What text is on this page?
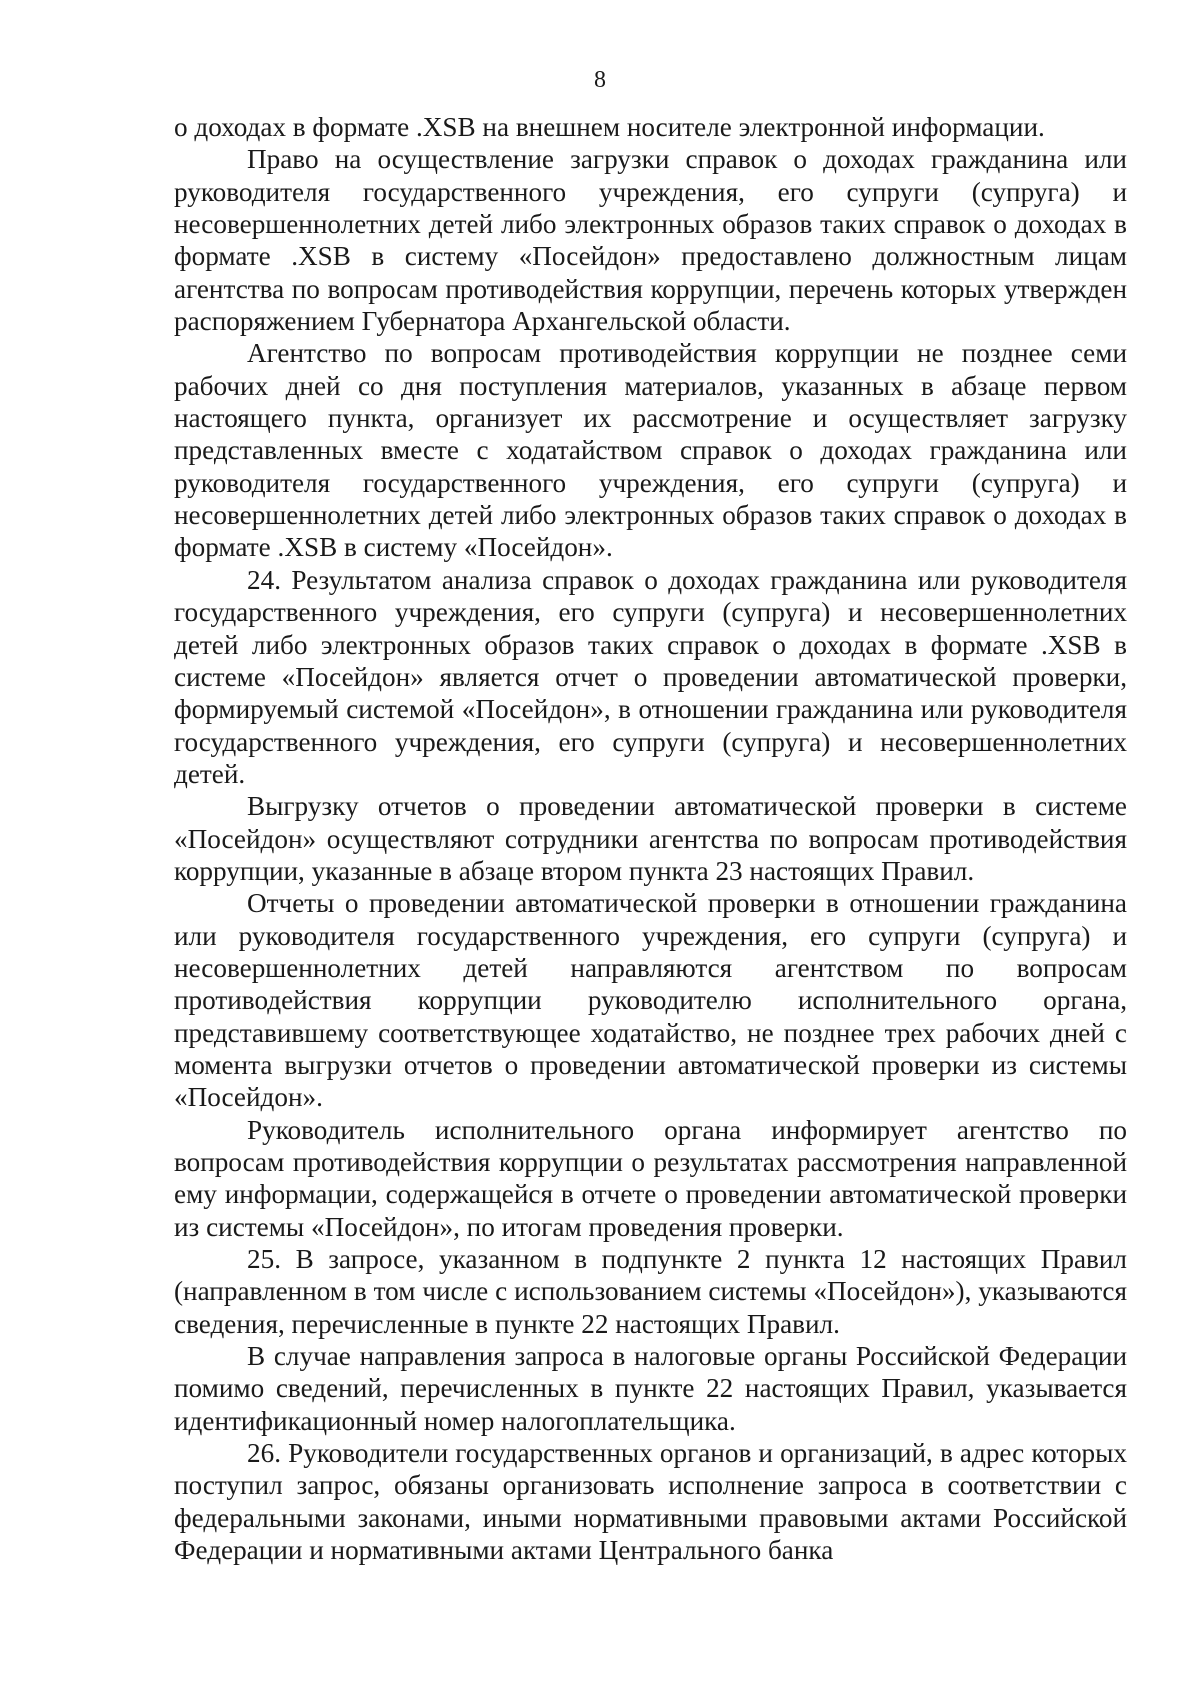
8

о доходах в формате .XSB на внешнем носителе электронной информации.

Право на осуществление загрузки справок о доходах гражданина или руководителя государственного учреждения, его супруги (супруга) и несовершеннолетних детей либо электронных образов таких справок о доходах в формате .XSB в систему «Посейдон» предоставлено должностным лицам агентства по вопросам противодействия коррупции, перечень которых утвержден распоряжением Губернатора Архангельской области.

Агентство по вопросам противодействия коррупции не позднее семи рабочих дней со дня поступления материалов, указанных в абзаце первом настоящего пункта, организует их рассмотрение и осуществляет загрузку представленных вместе с ходатайством справок о доходах гражданина или руководителя государственного учреждения, его супруги (супруга) и несовершеннолетних детей либо электронных образов таких справок о доходах в формате .XSB в систему «Посейдон».

24. Результатом анализа справок о доходах гражданина или руководителя государственного учреждения, его супруги (супруга) и несовершеннолетних детей либо электронных образов таких справок о доходах в формате .XSB в системе «Посейдон» является отчет о проведении автоматической проверки, формируемый системой «Посейдон», в отношении гражданина или руководителя государственного учреждения, его супруги (супруга) и несовершеннолетних детей.

Выгрузку отчетов о проведении автоматической проверки в системе «Посейдон» осуществляют сотрудники агентства по вопросам противодействия коррупции, указанные в абзаце втором пункта 23 настоящих Правил.

Отчеты о проведении автоматической проверки в отношении гражданина или руководителя государственного учреждения, его супруги (супруга) и несовершеннолетних детей направляются агентством по вопросам противодействия коррупции руководителю исполнительного органа, представившему соответствующее ходатайство, не позднее трех рабочих дней с момента выгрузки отчетов о проведении автоматической проверки из системы «Посейдон».

Руководитель исполнительного органа информирует агентство по вопросам противодействия коррупции о результатах рассмотрения направленной ему информации, содержащейся в отчете о проведении автоматической проверки из системы «Посейдон», по итогам проведения проверки.

25. В запросе, указанном в подпункте 2 пункта 12 настоящих Правил (направленном в том числе с использованием системы «Посейдон»), указываются сведения, перечисленные в пункте 22 настоящих Правил.

В случае направления запроса в налоговые органы Российской Федерации помимо сведений, перечисленных в пункте 22 настоящих Правил, указывается идентификационный номер налогоплательщика.

26. Руководители государственных органов и организаций, в адрес которых поступил запрос, обязаны организовать исполнение запроса в соответствии с федеральными законами, иными нормативными правовыми актами Российской Федерации и нормативными актами Центрального банка
